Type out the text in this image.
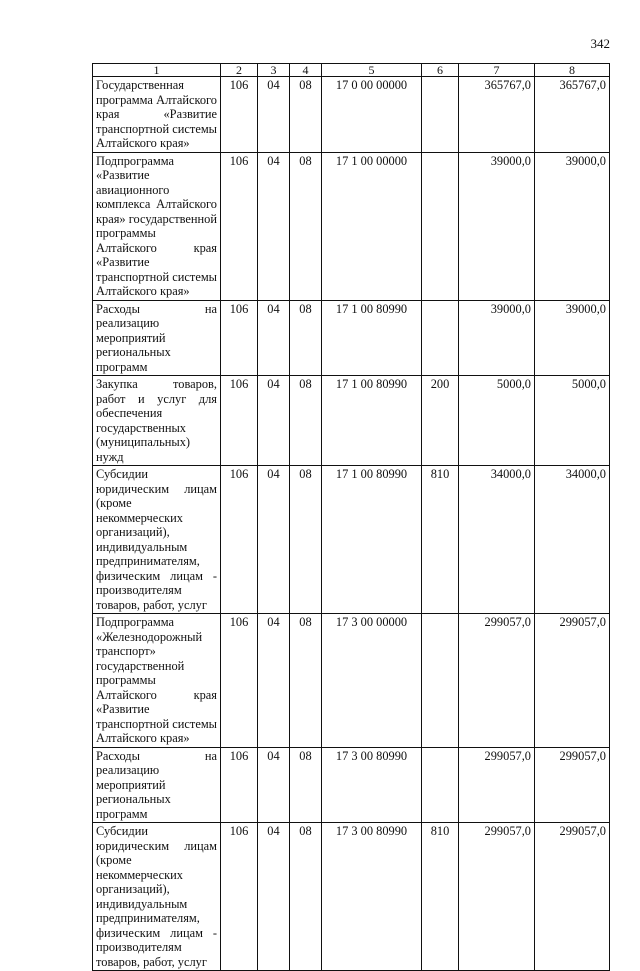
342
1	2	3	4	5	6	7	8
Государственная программа Алтайского края «Развитие транспортной системы Алтайского края»	106	04	08	17 0 00 00000		365767,0	365767,0
Подпрограмма «Развитие авиационного комплекса Алтайского края» государственной программы Алтайского края «Развитие транспортной системы Алтайского края»	106	04	08	17 1 00 00000		39000,0	39000,0
Расходы на реализацию мероприятий региональных программ	106	04	08	17 1 00 80990		39000,0	39000,0
Закупка товаров, работ и услуг для обеспечения государственных (муниципальных) нужд	106	04	08	17 1 00 80990	200	5000,0	5000,0
Субсидии юридическим лицам (кроме некоммерческих организаций), индивидуальным предпринимателям, физическим лицам - производителям товаров, работ, услуг	106	04	08	17 1 00 80990	810	34000,0	34000,0
Подпрограмма «Железнодорожный транспорт» государственной программы Алтайского края «Развитие транспортной системы Алтайского края»	106	04	08	17 3 00 00000		299057,0	299057,0
Расходы на реализацию мероприятий региональных программ	106	04	08	17 3 00 80990		299057,0	299057,0
Субсидии юридическим лицам (кроме некоммерческих организаций), индивидуальным предпринимателям, физическим лицам - производителям товаров, работ, услуг	106	04	08	17 3 00 80990	810	299057,0	299057,0
